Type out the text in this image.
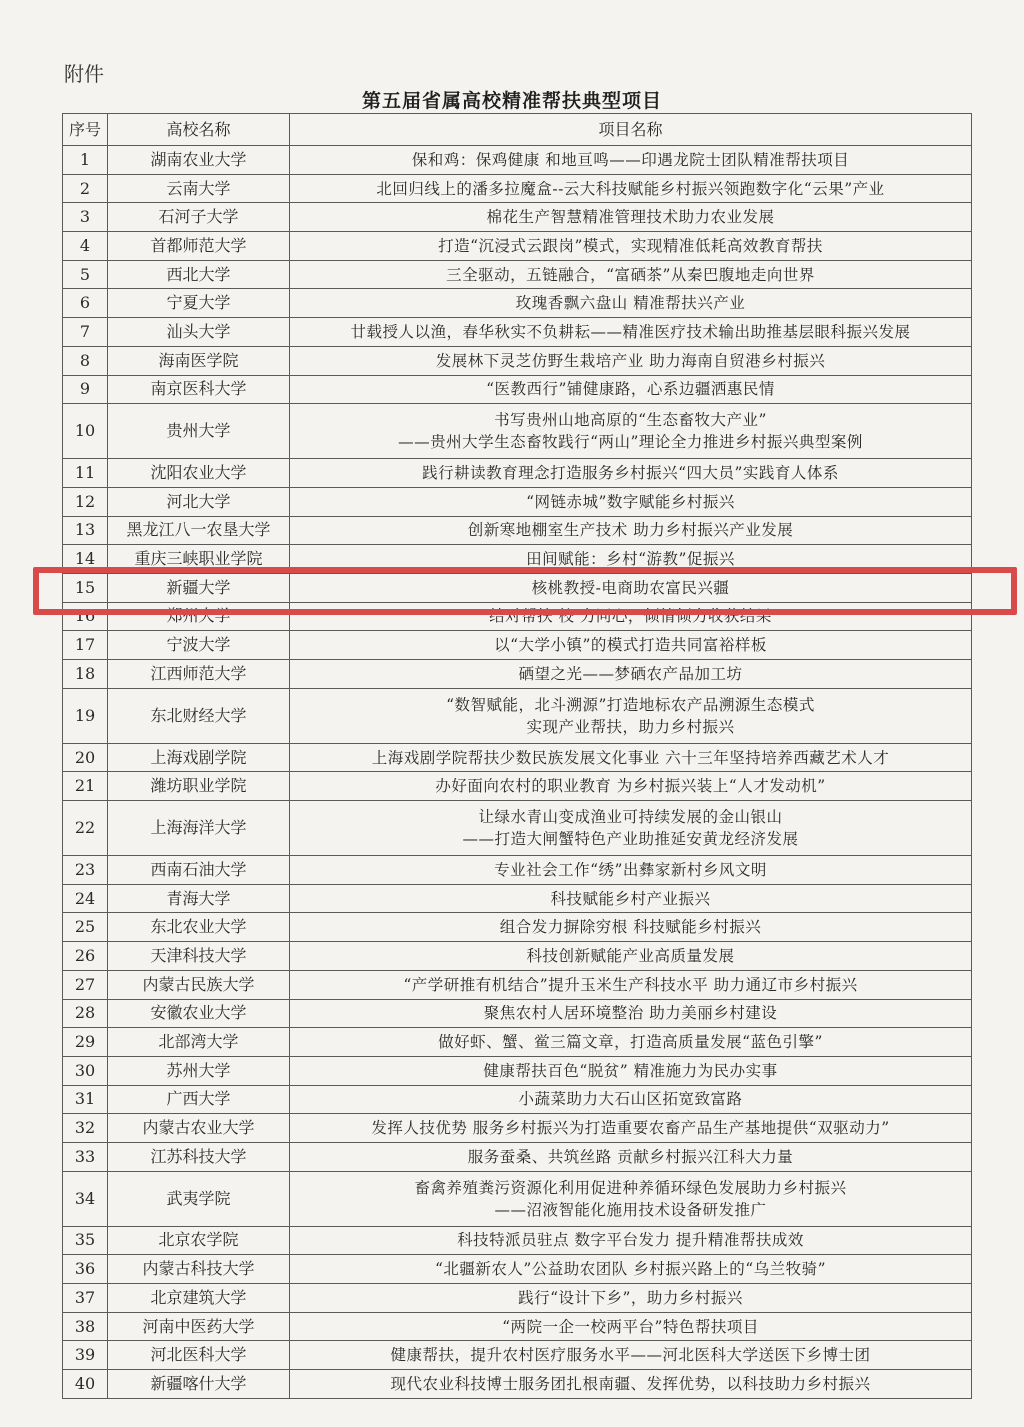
附件
第五届省属高校精准帮扶典型项目
序号	高校名称	项目名称
1	湖南农业大学	保和鸡：保鸡健康 和地亘鸣——印遇龙院士团队精准帮扶项目
2	云南大学	北回归线上的潘多拉魔盒--云大科技赋能乡村振兴领跑数字化“云果”产业
3	石河子大学	棉花生产智慧精准管理技术助力农业发展
4	首都师范大学	打造“沉浸式云跟岗”模式，实现精准低耗高效教育帮扶
5	西北大学	三全驱动，五链融合，“富硒茶”从秦巴腹地走向世界
6	宁夏大学	玫瑰香飘六盘山 精准帮扶兴产业
7	汕头大学	廿载授人以渔，春华秋实不负耕耘——精准医疗技术输出助推基层眼科振兴发展
8	海南医学院	发展林下灵芝仿野生栽培产业 助力海南自贸港乡村振兴
9	南京医科大学	“医教西行”铺健康路，心系边疆洒惠民情
10	贵州大学	书写贵州山地高原的“生态畜牧大产业”
——贵州大学生态畜牧践行“两山”理论全力推进乡村振兴典型案例
11	沈阳农业大学	践行耕读教育理念打造服务乡村振兴“四大员”实践育人体系
12	河北大学	“网链赤城”数字赋能乡村振兴
13	黑龙江八一农垦大学	创新寒地棚室生产技术 助力乡村振兴产业发展
14	重庆三峡职业学院	田间赋能：乡村“游教”促振兴
15	新疆大学	核桃教授-电商助农富民兴疆
16	郑州大学	结对帮扶 校 力同心，倾情倾力收获结果
17	宁波大学	以“大学小镇”的模式打造共同富裕样板
18	江西师范大学	硒望之光——梦硒农产品加工坊
19	东北财经大学	“数智赋能，北斗溯源”打造地标农产品溯源生态模式
实现产业帮扶，助力乡村振兴
20	上海戏剧学院	上海戏剧学院帮扶少数民族发展文化事业 六十三年坚持培养西藏艺术人才
21	潍坊职业学院	办好面向农村的职业教育 为乡村振兴装上“人才发动机”
22	上海海洋大学	让绿水青山变成渔业可持续发展的金山银山
——打造大闸蟹特色产业助推延安黄龙经济发展
23	西南石油大学	专业社会工作“绣”出彝家新村乡风文明
24	青海大学	科技赋能乡村产业振兴
25	东北农业大学	组合发力摒除穷根 科技赋能乡村振兴
26	天津科技大学	科技创新赋能产业高质量发展
27	内蒙古民族大学	“产学研推有机结合”提升玉米生产科技水平 助力通辽市乡村振兴
28	安徽农业大学	聚焦农村人居环境整治 助力美丽乡村建设
29	北部湾大学	做好虾、蟹、鲎三篇文章，打造高质量发展“蓝色引擎”
30	苏州大学	健康帮扶百色“脱贫” 精准施力为民办实事
31	广西大学	小蔬菜助力大石山区拓宽致富路
32	内蒙古农业大学	发挥人技优势 服务乡村振兴为打造重要农畜产品生产基地提供“双驱动力”
33	江苏科技大学	服务蚕桑、共筑丝路 贡献乡村振兴江科大力量
34	武夷学院	畜禽养殖粪污资源化利用促进种养循环绿色发展助力乡村振兴
——沼液智能化施用技术设备研发推广
35	北京农学院	科技特派员驻点 数字平台发力 提升精准帮扶成效
36	内蒙古科技大学	“北疆新农人”公益助农团队 乡村振兴路上的“乌兰牧骑”
37	北京建筑大学	践行“设计下乡”，助力乡村振兴
38	河南中医药大学	“两院一企一校两平台”特色帮扶项目
39	河北医科大学	健康帮扶，提升农村医疗服务水平——河北医科大学送医下乡博士团
40	新疆喀什大学	现代农业科技博士服务团扎根南疆、发挥优势，以科技助力乡村振兴
